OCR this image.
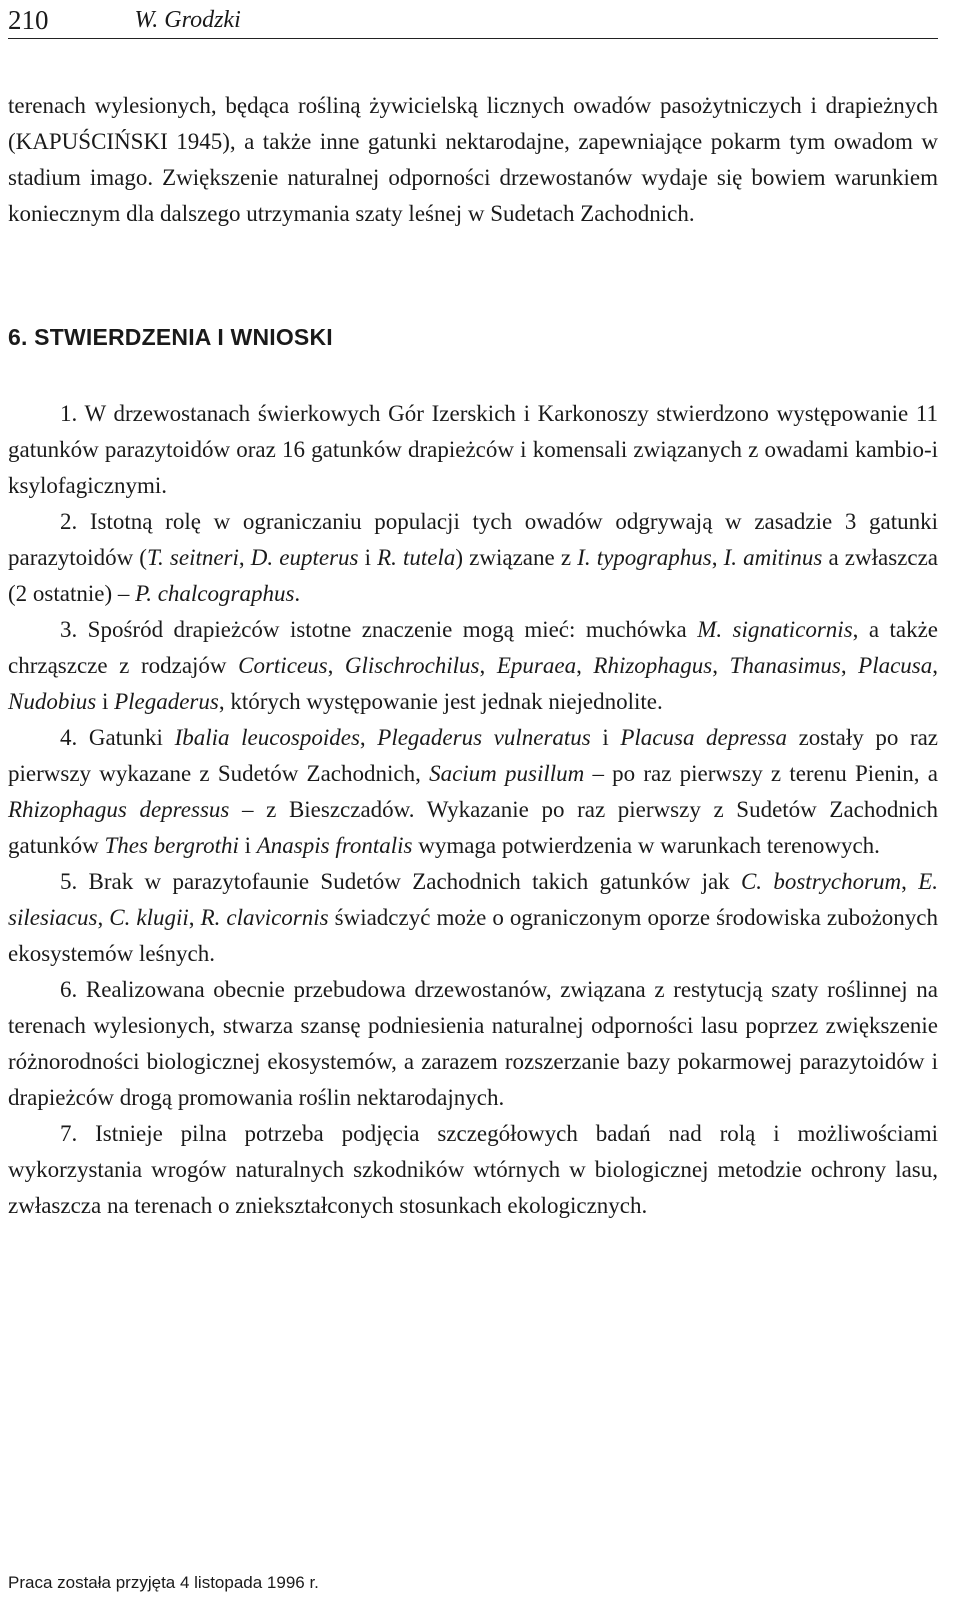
210	W. Grodzki

terenach wylesionych, będąca rośliną żywicielską licznych owadów pasożytniczych i drapieżnych (KAPUŚCIŃSKI 1945), a także inne gatunki nektarodajne, zapewniające pokarm tym owadom w stadium imago. Zwiększenie naturalnej odporności drzewostanów wydaje się bowiem warunkiem koniecznym dla dalszego utrzymania szaty leśnej w Sudetach Zachodnich.

6. STWIERDZENIA I WNIOSKI

1. W drzewostanach świerkowych Gór Izerskich i Karkonoszy stwierdzono występowanie 11 gatunków parazytoidów oraz 16 gatunków drapieżców i komensali związanych z owadami kambio-i ksylofagicznymi.

2. Istotną rolę w ograniczaniu populacji tych owadów odgrywają w zasadzie 3 gatunki parazytoidów (T. seitneri, D. eupterus i R. tutela) związane z I. typographus, I. amitinus a zwłaszcza (2 ostatnie) – P. chalcographus.

3. Spośród drapieżców istotne znaczenie mogą mieć: muchówka M. signaticornis, a także chrząszcze z rodzajów Corticeus, Glischrochilus, Epuraea, Rhizophagus, Thanasimus, Placusa, Nudobius i Plegaderus, których występowanie jest jednak niejednolite.

4. Gatunki Ibalia leucospoides, Plegaderus vulneratus i Placusa depressa zostały po raz pierwszy wykazane z Sudetów Zachodnich, Sacium pusillum – po raz pierwszy z terenu Pienin, a Rhizophagus depressus – z Bieszczadów. Wykazanie po raz pierwszy z Sudetów Zachodnich gatunków Thes bergrothi i Anaspis frontalis wymaga potwierdzenia w warunkach terenowych.

5. Brak w parazytofaunie Sudetów Zachodnich takich gatunków jak C. bostrychorum, E. silesiacus, C. klugii, R. clavicornis świadczyć może o ograniczonym oporze środowiska zubożonych ekosystemów leśnych.

6. Realizowana obecnie przebudowa drzewostanów, związana z restytucją szaty roślinnej na terenach wylesionych, stwarza szansę podniesienia naturalnej odporności lasu poprzez zwiększenie różnorodności biologicznej ekosystemów, a zarazem rozszerzanie bazy pokarmowej parazytoidów i drapieżców drogą promowania roślin nektarodajnych.

7. Istnieje pilna potrzeba podjęcia szczegółowych badań nad rolą i możliwościami wykorzystania wrogów naturalnych szkodników wtórnych w biologicznej metodzie ochrony lasu, zwłaszcza na terenach o zniekształconych stosunkach ekologicznych.

Praca została przyjęta 4 listopada 1996 r.
